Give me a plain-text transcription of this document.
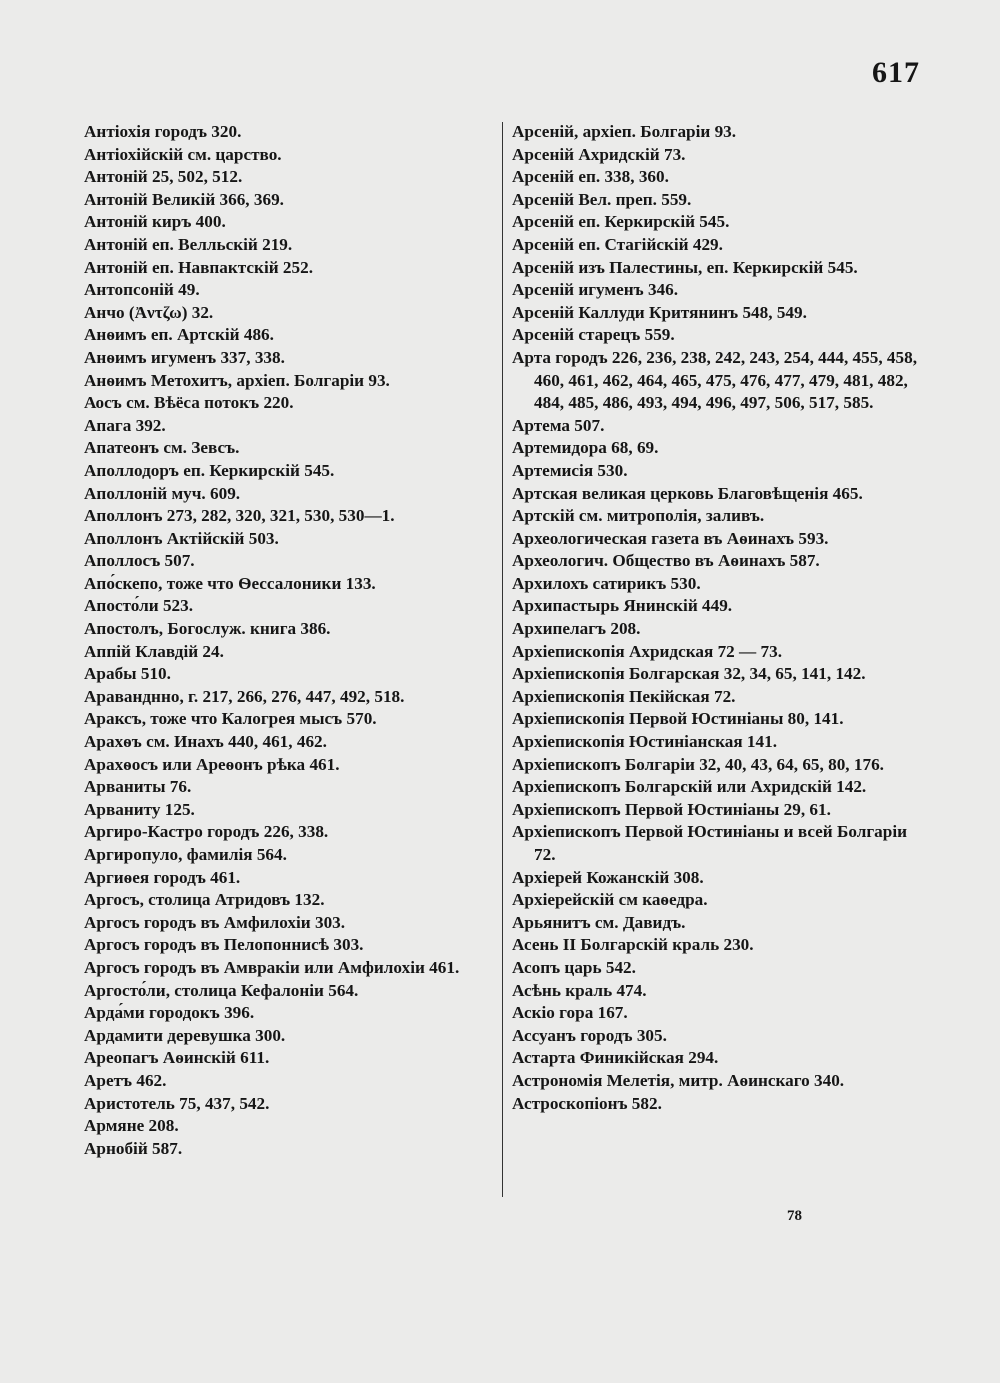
617
Антіохія городъ 320.
Антіохійскій см. царство.
Антоній 25, 502, 512.
Антоній Великій 366, 369.
Антоній киръ 400.
Антоній еп. Велльскій 219.
Антоній еп. Навпактскій 252.
Антопсоній 49.
Анчо (Ἀντζω) 32.
Анѳимъ еп. Артскій 486.
Анѳимъ игуменъ 337, 338.
Анѳимъ Метохитъ, архіеп. Болгаріи 93.
Аосъ см. Вѣёса потокъ 220.
Апага 392.
Апатеонъ см. Зевсъ.
Аполлодоръ еп. Керкирскій 545.
Аполлоній муч. 609.
Аполлонъ 273, 282, 320, 321, 530, 530—1.
Аполлонъ Актійскій 503.
Аполлосъ 507.
Апо́скепо, тоже что Ѳессалоники 133.
Апосто́ли 523.
Апостолъ, Богослуж. книга 386.
Аппій Клавдій 24.
Арабы 510.
Араванднно, г. 217, 266, 276, 447, 492, 518.
Араксъ, тоже что Калогрея мысъ 570.
Арахѳъ см. Инахъ 440, 461, 462.
Арахѳосъ или Ареѳонъ рѣка 461.
Арваниты 76.
Арваниту 125.
Аргиро-Кастро городъ 226, 338.
Аргиропуло, фамилія 564.
Аргиѳея городъ 461.
Аргосъ, столица Атридовъ 132.
Аргосъ городъ въ Амфилохіи 303.
Аргосъ городъ въ Пелопоннисѣ 303.
Аргосъ городъ въ Амвракіи или Амфилохіи 461.
Аргосто́ли, столица Кефалоніи 564.
Арда́ми городокъ 396.
Ардамити деревушка 300.
Ареопагъ Аѳинскій 611.
Аретъ 462.
Аристотель 75, 437, 542.
Армяне 208.
Арнобій 587.
Арсеній, архіеп. Болгаріи 93.
Арсеній Ахридскій 73.
Арсеній еп. 338, 360.
Арсеній Вел. преп. 559.
Арсеній еп. Керкирскій 545.
Арсеній еп. Стагійскій 429.
Арсеній изъ Палестины, еп. Керкирскій 545.
Арсеній игуменъ 346.
Арсеній Каллуди Критянинъ 548, 549.
Арсеній старецъ 559.
Арта городъ 226, 236, 238, 242, 243, 254, 444, 455, 458, 460, 461, 462, 464, 465, 475, 476, 477, 479, 481, 482, 484, 485, 486, 493, 494, 496, 497, 506, 517, 585.
Артема 507.
Артемидора 68, 69.
Артемисія 530.
Артская великая церковь Благовѣщенія 465.
Артскій см. митрополія, заливъ.
Археологическая газета въ Аѳинахъ 593.
Археологич. Общество въ Аѳинахъ 587.
Архилохъ сатирикъ 530.
Архипастырь Янинскій 449.
Архипелагъ 208.
Архіепископія Ахридская 72 — 73.
Архіепископія Болгарская 32, 34, 65, 141, 142.
Архіепископія Пекійская 72.
Архіепископія Первой Юстиніаны 80, 141.
Архіепископія Юстиніанская 141.
Архіепископъ Болгаріи 32, 40, 43, 64, 65, 80, 176.
Архіепископъ Болгарскій или Ахридскій 142.
Архіепископъ Первой Юстиніаны 29, 61.
Архіепископъ Первой Юстиніаны и всей Болгаріи 72.
Архіерей Кожанскій 308.
Архіерейскій см каѳедра.
Арьянитъ см. Давидъ.
Асень II Болгарскій краль 230.
Асопъ царь 542.
Асѣнь краль 474.
Аскіо гора 167.
Ассуанъ городъ 305.
Астарта Финикійская 294.
Астрономія Мелетія, митр. Аѳинскаго 340.
Астроскопіонъ 582.
78
